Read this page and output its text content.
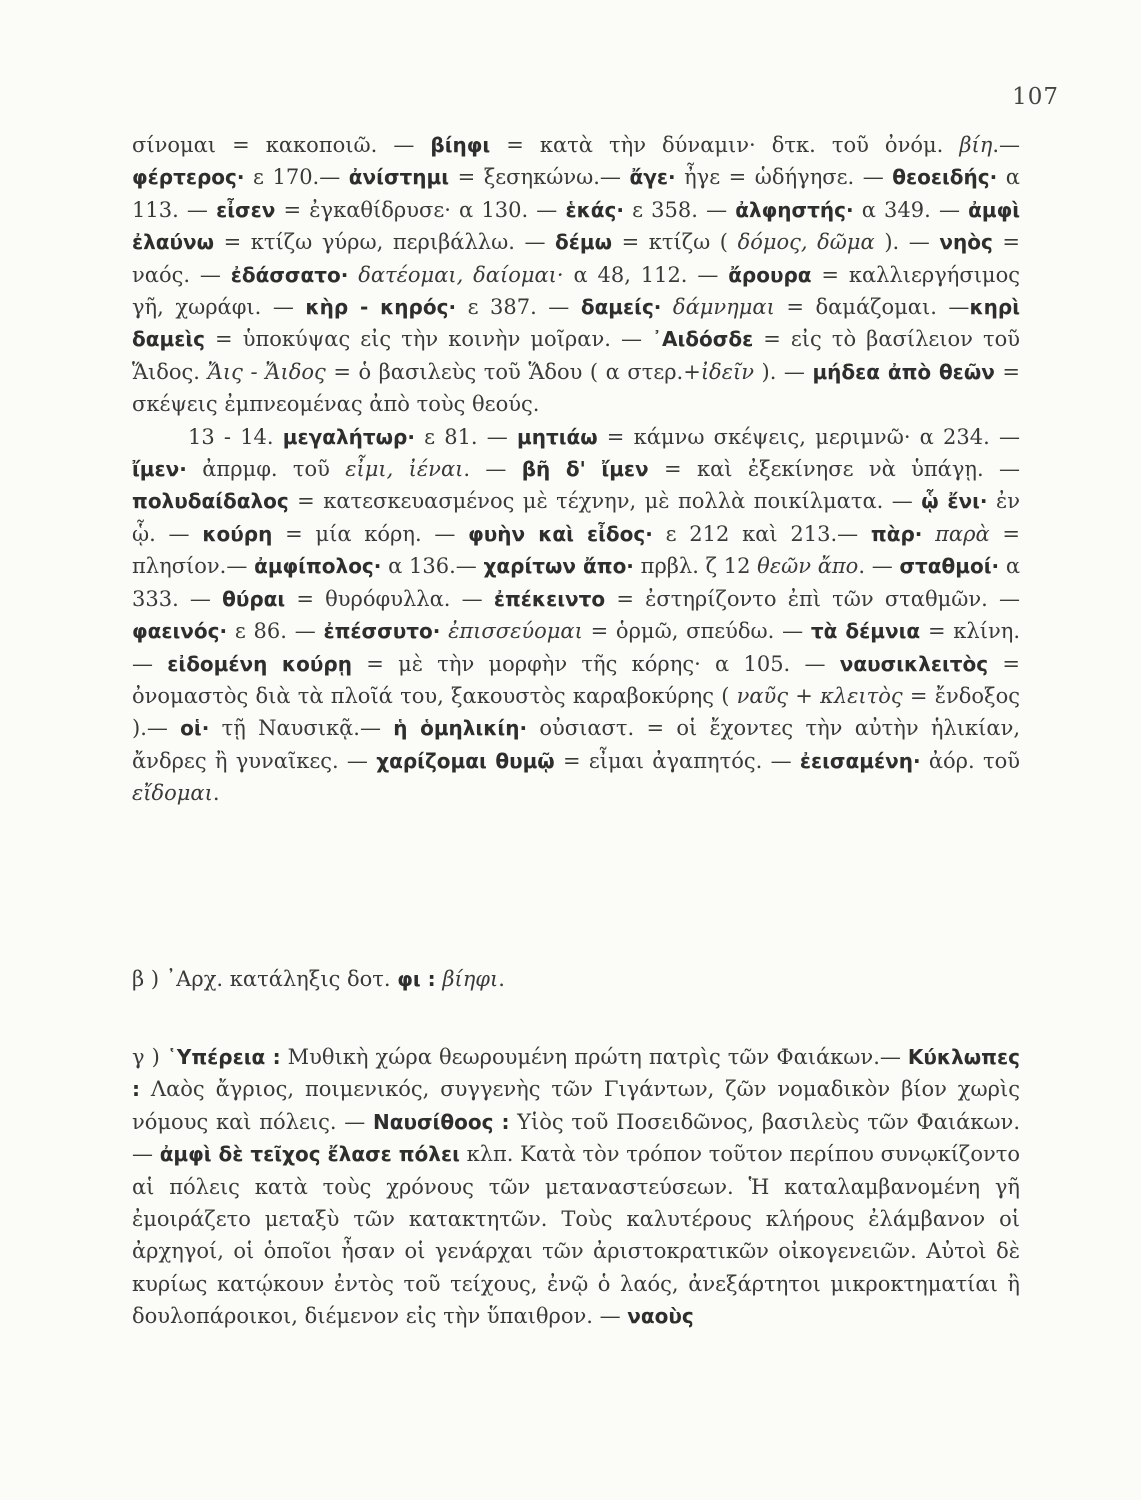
107

σίνομαι = κακοποιῶ. — βίηφι = κατὰ τὴν δύναμιν· δτκ. τοῦ ὀνόμ. βίη.— φέρτερος· ε 170.— ἀνίστημι = ξεσηκώνω.— ἄγε· ἦγε = ὡδήγησε. — θεοειδής· α 113. — εἶσεν = ἐγκαθίδρυσε· α 130. — ἑκάς· ε 358. — ἀλφηστής· α 349. — ἀμφὶ ἐλαύνω = κτίζω γύρω, περιβάλλω. — δέμω = κτίζω ( δόμος, δῶμα ). — νηὸς = ναός. — ἐδάσσατο· δατέομαι, δαίομαι· α 48, 112. — ἄρουρα = καλλιεργήσιμος γῆ, χωράφι. — κὴρ - κηρός· ε 387. — δαμείς· δάμνημαι = δαμάζομαι. —κηρὶ δαμεὶς = ὑποκύψας εἰς τὴν κοινὴν μοῖραν. — ᾿Αιδόσδε = εἰς τὸ βασίλειον τοῦ Ἅιδος. Ἄις - Ἄιδος = ὁ βασιλεὺς τοῦ Ἅδου ( α στερ.+ἰδεῖν ). — μήδεα ἀπὸ θεῶν = σκέψεις ἐμπνεομένας ἀπὸ τοὺς θεούς.
13 - 14. μεγαλήτωρ· ε 81. — μητιάω = κάμνω σκέψεις, μεριμνῶ· α 234. — ἴμεν· ἀπρμφ. τοῦ εἶμι, ἰέναι. — βῆ δ' ἴμεν = καὶ ἐξεκίνησε νὰ ὑπάγῃ. — πολυδαίδαλος = κατεσκευασμένος μὲ τέχνην, μὲ πολλὰ ποικίλματα. — ᾧ ἔνι· ἐν ᾧ. — κούρη = μία κόρη. — φυὴν καὶ εἶδος· ε 212 καὶ 213.— πὰρ· παρὰ = πλησίον.— ἀμφίπολος· α 136.— χαρίτων ἄπο· πρβλ. ζ 12 θεῶν ἄπο. — σταθμοί· α 333. — θύραι = θυρόφυλλα. — ἐπέκειντο = ἐστηρίζοντο ἐπὶ τῶν σταθμῶν. — φαεινός· ε 86. — ἐπέσσυτο· ἐπισσεύομαι = ὁρμῶ, σπεύδω. — τὰ δέμνια = κλίνη. — εἰδομένη κούρῃ = μὲ τὴν μορφὴν τῆς κόρης· α 105. — ναυσικλειτὸς = ὀνομαστὸς διὰ τὰ πλοῖά του, ξακουστὸς καραβοκύρης ( ναῦς + κλειτὸς = ἔνδοξος ).— οἱ· τῇ Ναυσικᾷ.— ἡ ὁμηλικίη· οὐσιαστ. = οἱ ἔχοντες τὴν αὐτὴν ἡλικίαν, ἄνδρες ἢ γυναῖκες. — χαρίζομαι θυμῷ = εἶμαι ἀγαπητός. — ἐεισαμένη· ἀόρ. τοῦ εἴδομαι.

β ) ᾿Αρχ. κατάληξις δοτ. φι : βίηφι.

γ ) ῾Υπέρεια : Μυθικὴ χώρα θεωρουμένη πρώτη πατρὶς τῶν Φαιάκων.— Κύκλωπες : Λαὸς ἄγριος, ποιμενικός, συγγενὴς τῶν Γιγάντων, ζῶν νομαδικὸν βίον χωρὶς νόμους καὶ πόλεις. — Ναυσίθοος : Υἱὸς τοῦ Ποσειδῶνος, βασιλεὺς τῶν Φαιάκων. — ἀμφὶ δὲ τεῖχος ἔλασε πόλει κλπ. Κατὰ τὸν τρόπον τοῦτον περίπου συνῳκίζοντο αἱ πόλεις κατὰ τοὺς χρόνους τῶν μεταναστεύσεων. Ἡ καταλαμβανομένη γῆ ἐμοιράζετο μεταξὺ τῶν κατακτητῶν. Τοὺς καλυτέρους κλήρους ἐλάμβανον οἱ ἀρχηγοί, οἱ ὁποῖοι ἦσαν οἱ γενάρχαι τῶν ἀριστοκρατικῶν οἰκογενειῶν. Αὐτοὶ δὲ κυρίως κατῴκουν ἐντὸς τοῦ τείχους, ἐνῷ ὁ λαός, ἀνεξάρτητοι μικροκτηματίαι ἢ δουλοπάροικοι, διέμενον εἰς τὴν ὕπαιθρον. — ναοὺς
